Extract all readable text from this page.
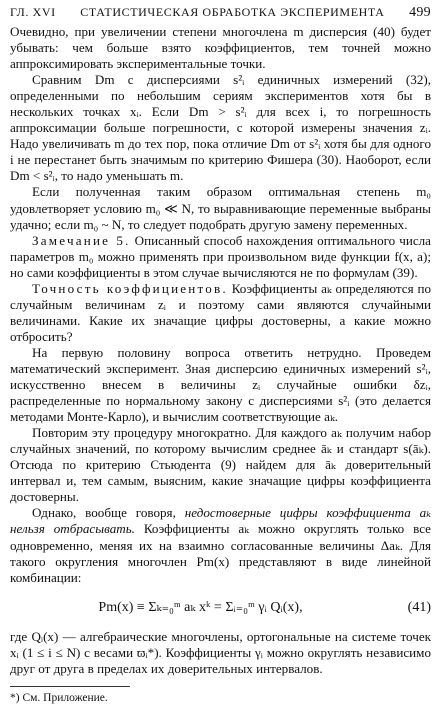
ГЛ. XVI СТАТИСТИЧЕСКАЯ ОБРАБОТКА ЭКСПЕРИМЕНТА 499

Очевидно, при увеличении степени многочлена m дисперсия (40) будет убывать: чем больше взято коэффициентов, тем точней можно аппроксимировать экспериментальные точки.

Сравним Dm с дисперсиями s²ᵢ единичных измерений (32), определенными по небольшим сериям экспериментов хотя бы в нескольких точках xᵢ. Если Dm > s²ᵢ для всех i, то погрешность аппроксимации больше погрешности, с которой измерены значения zᵢ. Надо увеличивать m до тех пор, пока отличие Dm от s²ᵢ хотя бы для одного i не перестанет быть значимым по критерию Фишера (30). Наоборот, если Dm < s²ᵢ, то надо уменьшать m.

Если полученная таким образом оптимальная степень m₀ удовлетворяет условию m₀ ≪ N, то выравнивающие переменные выбраны удачно; если m₀ ~ N, то следует подобрать другую замену переменных.

Замечание 5. Описанный способ нахождения оптимального числа параметров m₀ можно применять при произвольном виде функции f(x, a); но сами коэффициенты в этом случае вычисляются не по формулам (39).

Точность коэффициентов. Коэффициенты aₖ определяются по случайным величинам zᵢ и поэтому сами являются случайными величинами. Какие их значащие цифры достоверны, а какие можно отбросить?

На первую половину вопроса ответить нетрудно. Проведем математический эксперимент. Зная дисперсию единичных измерений s²ᵢ, искусственно внесем в величины zᵢ случайные ошибки δzᵢ, распределенные по нормальному закону с дисперсиями s²ᵢ (это делается методами Монте-Карло), и вычислим соответствующие aₖ.

Повторим эту процедуру многократно. Для каждого aₖ получим набор случайных значений, по которому вычислим среднее āₖ и стандарт s(āₖ). Отсюда по критерию Стьюдента (9) найдем для āₖ доверительный интервал и, тем самым, выясним, какие значащие цифры коэффициента достоверны.

Однако, вообще говоря, недостоверные цифры коэффициента aₖ нельзя отбрасывать. Коэффициенты aₖ можно округлять только все одновременно, меняя их на взаимно согласованные величины Δaₖ. Для такого округления многочлен Pm(x) представляют в виде линейной комбинации:

Pm(x) ≡ Σₖ₌₀ᵐ aₖ xᵏ = Σᵢ₌₀ᵐ γᵢ Qᵢ(x),	(41)

где Qᵢ(x) — алгебраические многочлены, ортогональные на системе точек xᵢ (1 ≤ i ≤ N) с весами ϖᵢ*). Коэффициенты γᵢ можно округлять независимо друг от друга в пределах их доверительных интервалов.

*) См. Приложение.
